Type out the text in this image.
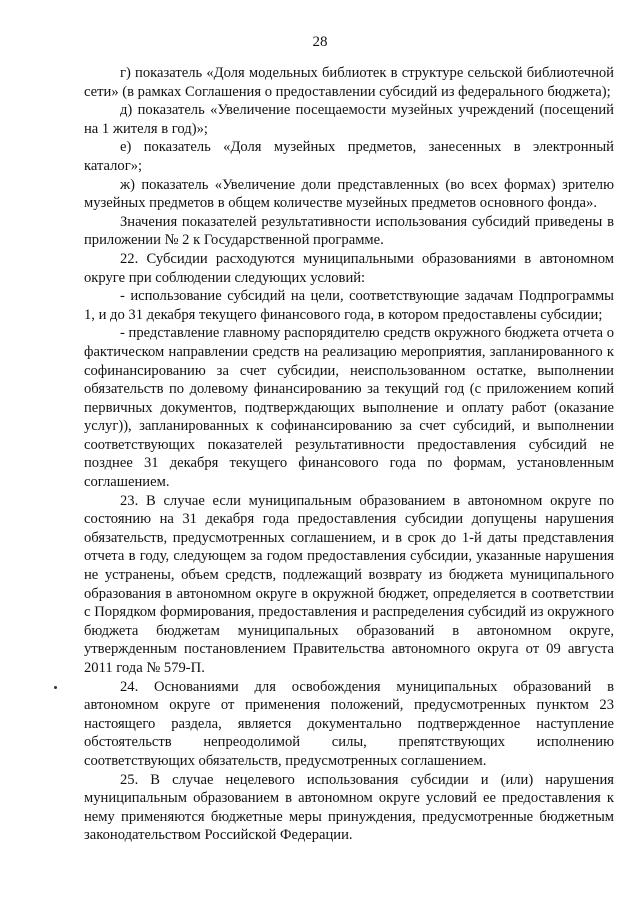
28

г) показатель «Доля модельных библиотек в структуре сельской библиотечной сети» (в рамках Соглашения о предоставлении субсидий из федерального бюджета);

д) показатель «Увеличение посещаемости музейных учреждений (посещений на 1 жителя в год)»;

е) показатель «Доля музейных предметов, занесенных в электронный каталог»;

ж) показатель «Увеличение доли представленных (во всех формах) зрителю музейных предметов в общем количестве музейных предметов основного фонда».

Значения показателей результативности использования субсидий приведены в приложении № 2 к Государственной программе.

22. Субсидии расходуются муниципальными образованиями в автономном округе при соблюдении следующих условий:

- использование субсидий на цели, соответствующие задачам Подпрограммы 1, и до 31 декабря текущего финансового года, в котором предоставлены субсидии;

- представление главному распорядителю средств окружного бюджета отчета о фактическом направлении средств на реализацию мероприятия, запланированного к софинансированию за счет субсидии, неиспользованном остатке, выполнении обязательств по долевому финансированию за текущий год (с приложением копий первичных документов, подтверждающих выполнение и оплату работ (оказание услуг)), запланированных к софинансированию за счет субсидий, и выполнении соответствующих показателей результативности предоставления субсидий не позднее 31 декабря текущего финансового года по формам, установленным соглашением.

23. В случае если муниципальным образованием в автономном округе по состоянию на 31 декабря года предоставления субсидии допущены нарушения обязательств, предусмотренных соглашением, и в срок до 1-й даты представления отчета в году, следующем за годом предоставления субсидии, указанные нарушения не устранены, объем средств, подлежащий возврату из бюджета муниципального образования в автономном округе в окружной бюджет, определяется в соответствии с Порядком формирования, предоставления и распределения субсидий из окружного бюджета бюджетам муниципальных образований в автономном округе, утвержденным постановлением Правительства автономного округа от 09 августа 2011 года № 579-П.

24. Основаниями для освобождения муниципальных образований в автономном округе от применения положений, предусмотренных пунктом 23 настоящего раздела, является документально подтвержденное наступление обстоятельств непреодолимой силы, препятствующих исполнению соответствующих обязательств, предусмотренных соглашением.

25. В случае нецелевого использования субсидии и (или) нарушения муниципальным образованием в автономном округе условий ее предоставления к нему применяются бюджетные меры принуждения, предусмотренные бюджетным законодательством Российской Федерации.
